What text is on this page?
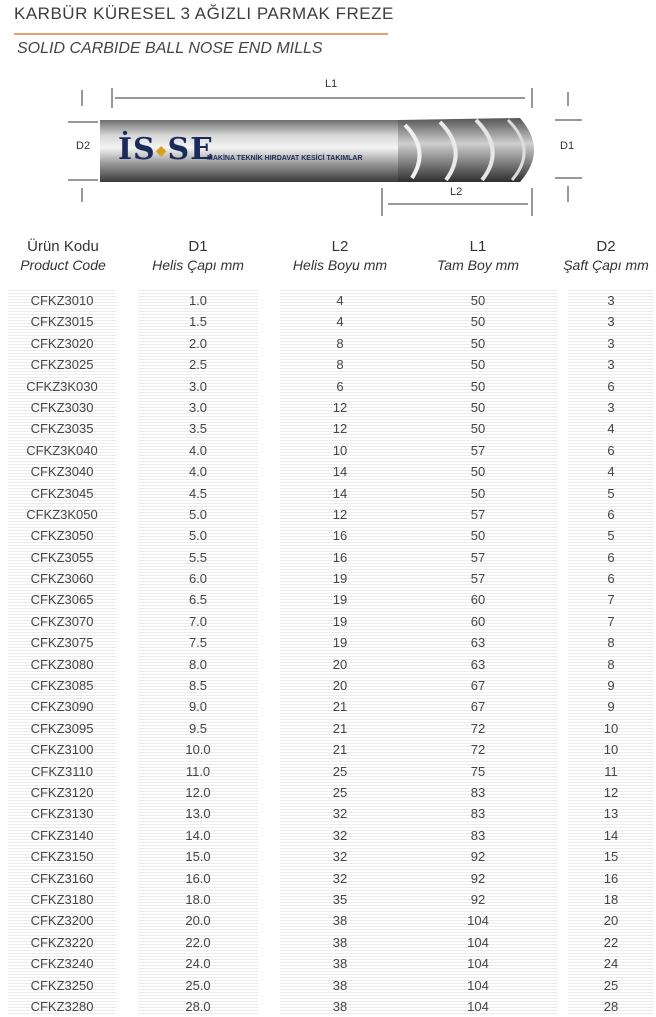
KARBÜR KÜRESEL 3 AĞIZLI PARMAK FREZE
SOLID CARBIDE BALL NOSE END MILLS
L1
D2	D1
L2
İS◆SE
MAKİNA TEKNİK HIRDAVAT KESİCİ TAKIMLAR
Ürün Kodu
Product Code
D1
Helis Çapı mm
L2
Helis Boyu mm
L1
Tam Boy mm
D2
Şaft Çapı mm
CFKZ3010	1.0	4	50	3
CFKZ3015	1.5	4	50	3
CFKZ3020	2.0	8	50	3
CFKZ3025	2.5	8	50	3
CFKZ3K030	3.0	6	50	6
CFKZ3030	3.0	12	50	3
CFKZ3035	3.5	12	50	4
CFKZ3K040	4.0	10	57	6
CFKZ3040	4.0	14	50	4
CFKZ3045	4.5	14	50	5
CFKZ3K050	5.0	12	57	6
CFKZ3050	5.0	16	50	5
CFKZ3055	5.5	16	57	6
CFKZ3060	6.0	19	57	6
CFKZ3065	6.5	19	60	7
CFKZ3070	7.0	19	60	7
CFKZ3075	7.5	19	63	8
CFKZ3080	8.0	20	63	8
CFKZ3085	8.5	20	67	9
CFKZ3090	9.0	21	67	9
CFKZ3095	9.5	21	72	10
CFKZ3100	10.0	21	72	10
CFKZ3110	11.0	25	75	11
CFKZ3120	12.0	25	83	12
CFKZ3130	13.0	32	83	13
CFKZ3140	14.0	32	83	14
CFKZ3150	15.0	32	92	15
CFKZ3160	16.0	32	92	16
CFKZ3180	18.0	35	92	18
CFKZ3200	20.0	38	104	20
CFKZ3220	22.0	38	104	22
CFKZ3240	24.0	38	104	24
CFKZ3250	25.0	38	104	25
CFKZ3280	28.0	38	104	28
